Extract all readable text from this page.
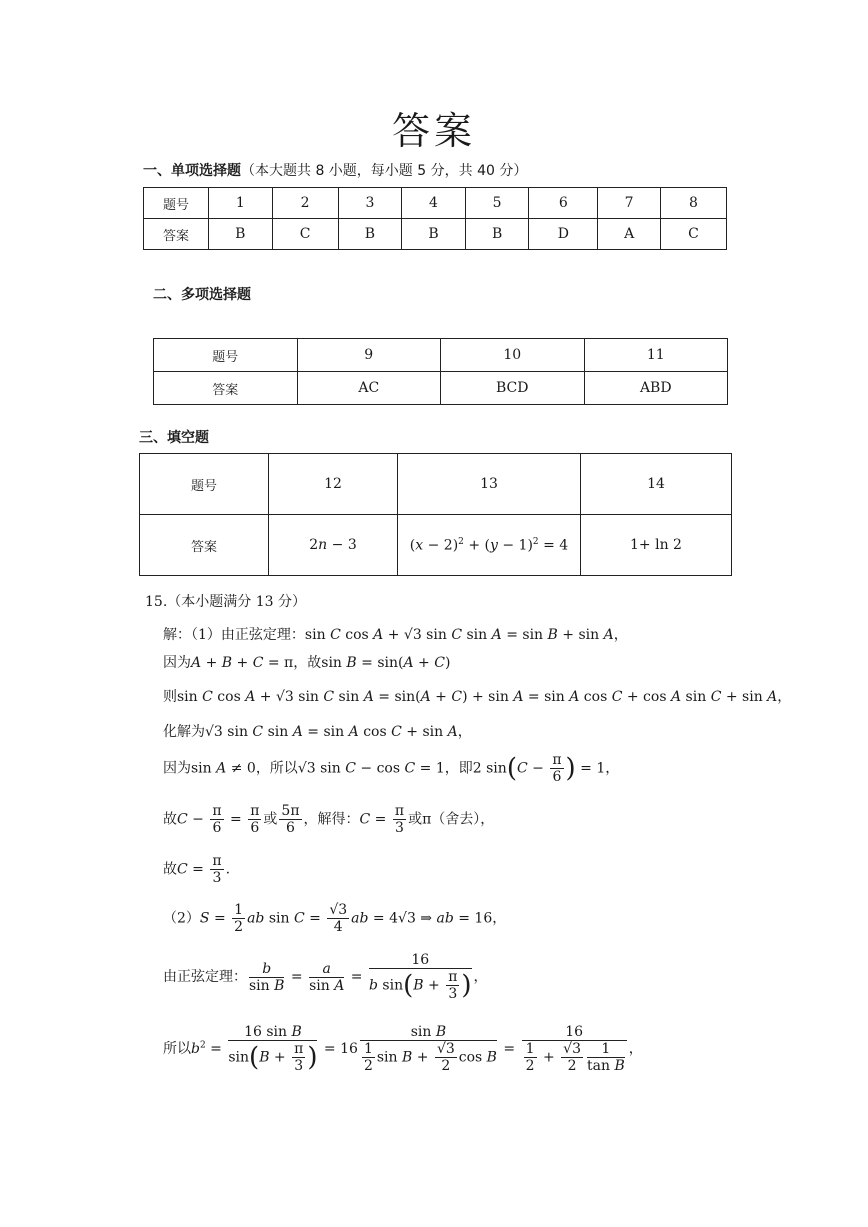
答案
一、单项选择题（本大题共 8 小题，每小题 5 分，共 40 分）
题号	1	2	3	4	5	6	7	8
答案	B	C	B	B	B	D	A	C
二、多项选择题
题号	9	10	11
答案	AC	BCD	ABD
三、填空题
题号	12	13	14
答案	2n − 3	$(x - 2)^2 + (y - 1)^2 = 4$	1+ ln 2
15.（本小题满分 13 分）
解：（1）由正弦定理：sin C cos A + √3 sin C sin A = sin B + sin A，
因为A + B + C = π，故sin B = sin(A + C)
则sin C cos A + √3 sin C sin A = sin(A + C) + sin A = sin A cos C + cos A sin C + sin A，
化解为√3 sin C sin A = sin A cos C + sin A，
因为sin A ≠ 0，所以√3 sin C − cos C = 1，即2 $\sin(C - \frac{\pi}{6}$ ) = 1，
故$C - \frac{\pi}{6} = \frac{\pi}{6}$ 或 $\frac{5\pi}{6}$ ，解得：$C = \frac{\pi}{3}$ 或π（舍去），
故$C = \frac{\pi}{3}$ .
$(2)S = \frac{1}{2}$ ab $\sin C = \frac{√3}{4}$ ab = 4√3 ⇒ ab = 16，
由正弦定理： $\frac{b}{\text{sin B}} = \frac{a}{\text{sin A}} = \frac{16}{b \sin(B + \frac{\pi}{3} )}$ ，
所以$b^2 = \frac{\text{16 sin B}}{\sin(B + \frac{\pi}{3} )} = 16 \frac{\text{sin B}}{\frac{1}{2} \sin B + \frac{√3}{2} \cos B} = \frac{16}{\frac{1}{2} + \frac{√3}{2} \frac{1}{\text{tan B}}}$ ，
